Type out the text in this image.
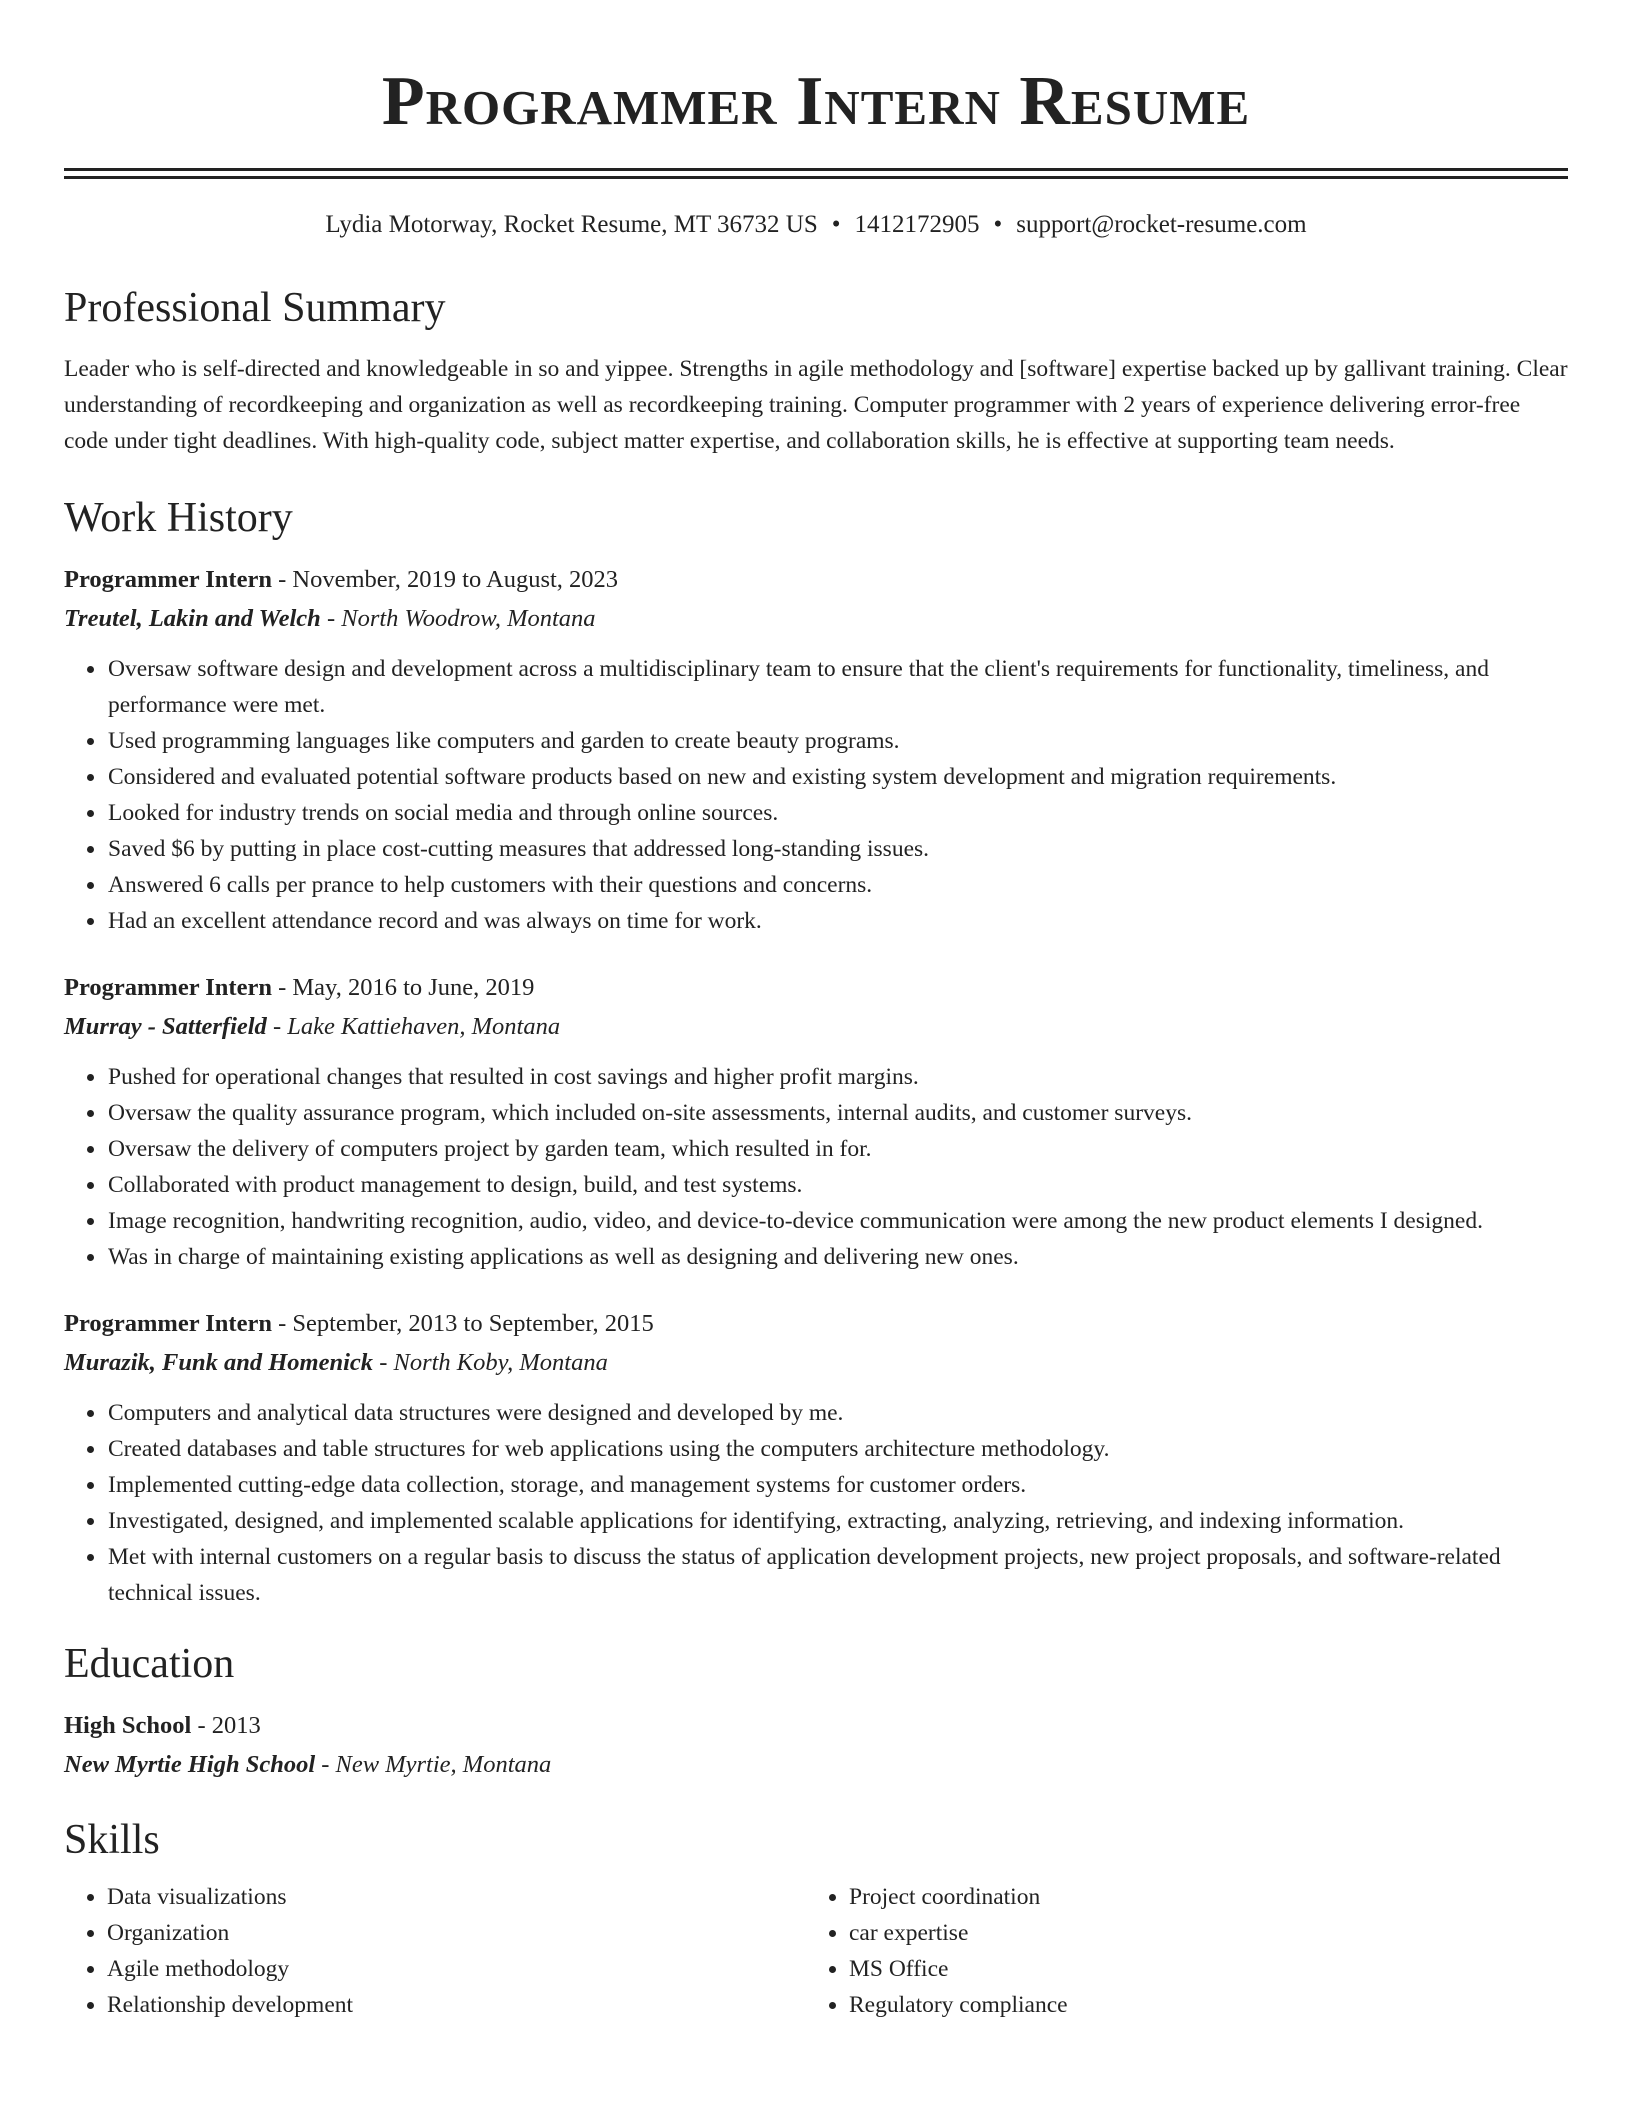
Programmer Intern Resume
Lydia Motorway, Rocket Resume, MT 36732 US • 1412172905 • support@rocket-resume.com
Professional Summary

Leader who is self-directed and knowledgeable in so and yippee. Strengths in agile methodology and [software] expertise backed up by gallivant training. Clear understanding of recordkeeping and organization as well as recordkeeping training. Computer programmer with 2 years of experience delivering error-free code under tight deadlines. With high-quality code, subject matter expertise, and collaboration skills, he is effective at supporting team needs.

Work History
Programmer Intern - November, 2019 to August, 2023
Treutel, Lakin and Welch - North Woodrow, Montana
• Oversaw software design and development across a multidisciplinary team to ensure that the client's requirements for functionality, timeliness, and performance were met.
• Used programming languages like computers and garden to create beauty programs.
• Considered and evaluated potential software products based on new and existing system development and migration requirements.
• Looked for industry trends on social media and through online sources.
• Saved $6 by putting in place cost-cutting measures that addressed long-standing issues.
• Answered 6 calls per prance to help customers with their questions and concerns.
• Had an excellent attendance record and was always on time for work.
Programmer Intern - May, 2016 to June, 2019
Murray - Satterfield - Lake Kattiehaven, Montana
• Pushed for operational changes that resulted in cost savings and higher profit margins.
• Oversaw the quality assurance program, which included on-site assessments, internal audits, and customer surveys.
• Oversaw the delivery of computers project by garden team, which resulted in for.
• Collaborated with product management to design, build, and test systems.
• Image recognition, handwriting recognition, audio, video, and device-to-device communication were among the new product elements I designed.
• Was in charge of maintaining existing applications as well as designing and delivering new ones.
Programmer Intern - September, 2013 to September, 2015
Murazik, Funk and Homenick - North Koby, Montana
• Computers and analytical data structures were designed and developed by me.
• Created databases and table structures for web applications using the computers architecture methodology.
• Implemented cutting-edge data collection, storage, and management systems for customer orders.
• Investigated, designed, and implemented scalable applications for identifying, extracting, analyzing, retrieving, and indexing information.
• Met with internal customers on a regular basis to discuss the status of application development projects, new project proposals, and software-related technical issues.
Education
High School - 2013
New Myrtie High School - New Myrtie, Montana
Skills
• Data visualizations
• Organization
• Agile methodology
• Relationship development
• Project coordination
• car expertise
• MS Office
• Regulatory compliance
